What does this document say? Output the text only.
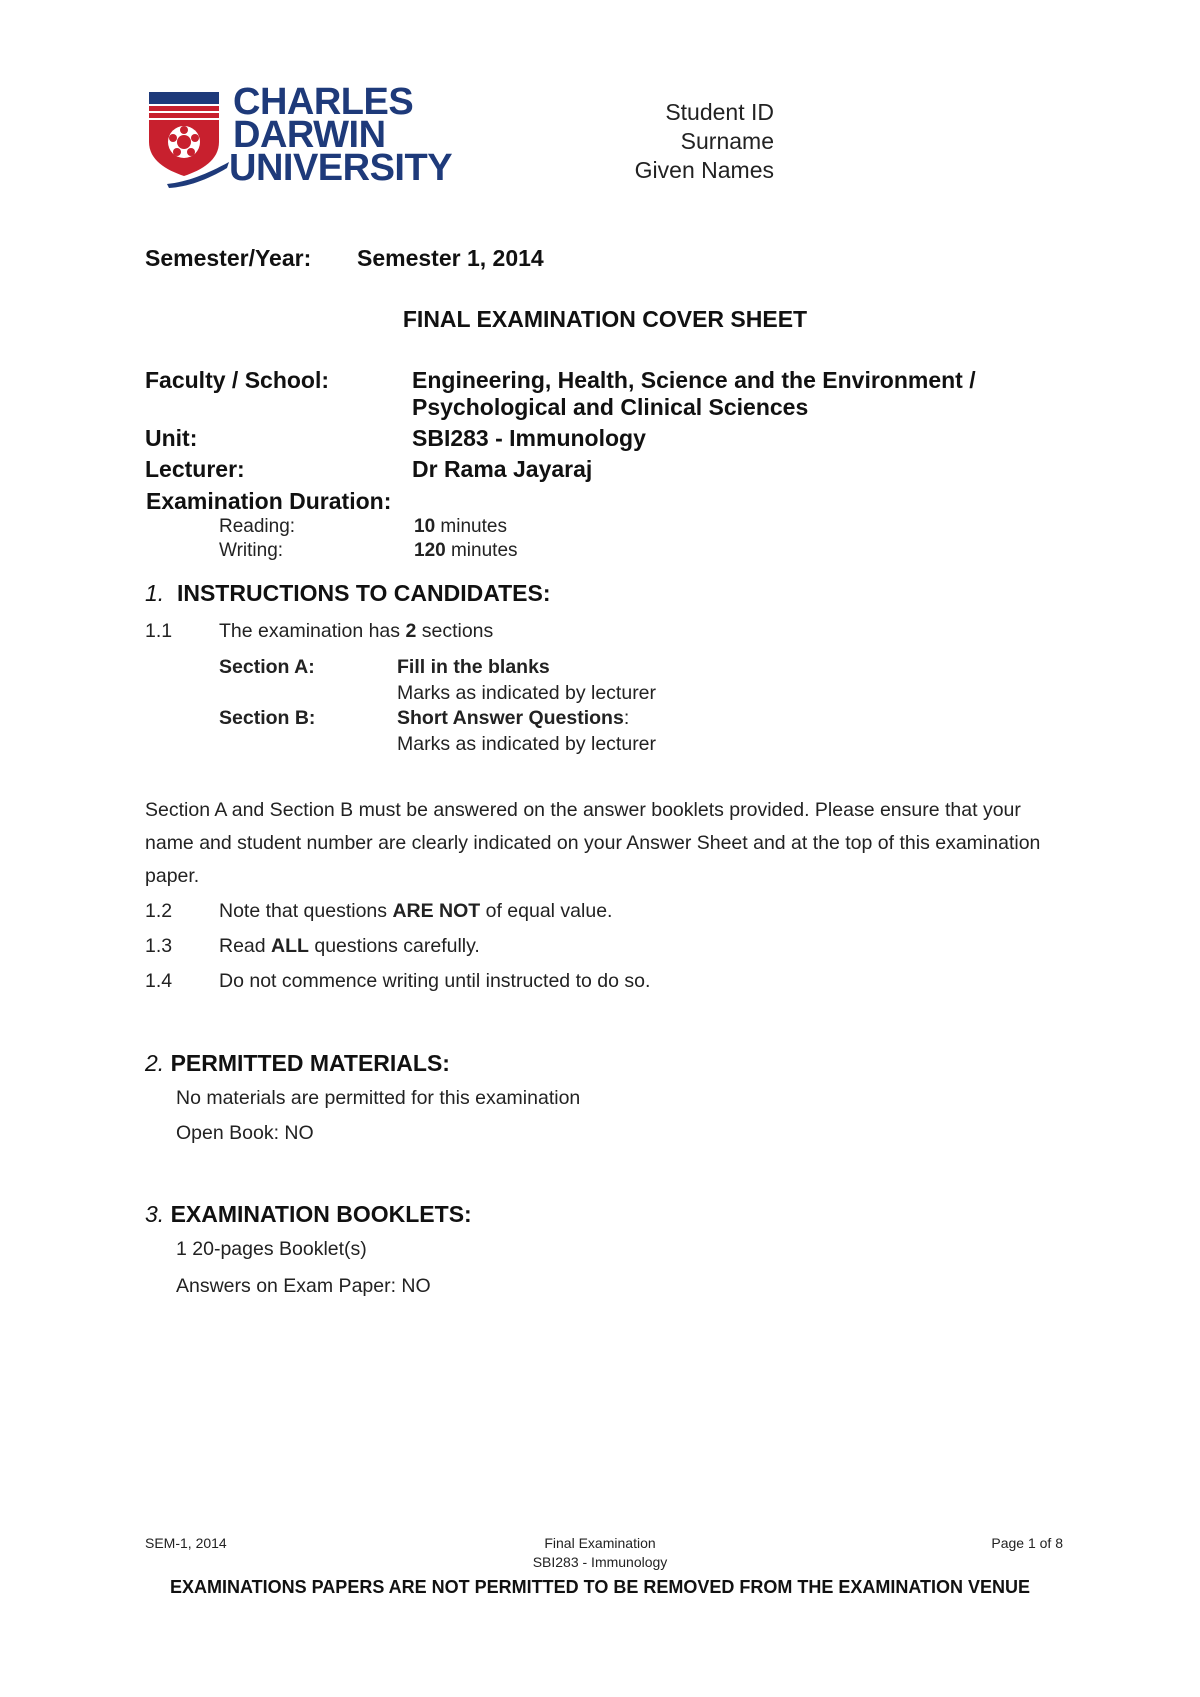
CHARLES
DARWIN
UNIVERSITY
Student ID
Surname
Given Names
Semester/Year: Semester 1, 2014
FINAL EXAMINATION COVER SHEET
Faculty / School:	Engineering, Health, Science and the Environment /
Psychological and Clinical Sciences
Unit:	SBI283 - Immunology
Lecturer:	Dr Rama Jayaraj
Examination Duration:
Reading:	10 minutes
Writing:	120 minutes
1. INSTRUCTIONS TO CANDIDATES:
1.1 The examination has 2 sections
Section A:	Fill in the blanks
Marks as indicated by lecturer
Section B:	Short Answer Questions:
Marks as indicated by lecturer
Section A and Section B must be answered on the answer booklets provided. Please ensure that your
name and student number are clearly indicated on your Answer Sheet and at the top of this examination
paper.
1.2 Note that questions ARE NOT of equal value.
1.3 Read ALL questions carefully.
1.4 Do not commence writing until instructed to do so.
2. PERMITTED MATERIALS:
No materials are permitted for this examination
Open Book: NO
3. EXAMINATION BOOKLETS:
1 20-pages Booklet(s)
Answers on Exam Paper: NO
SEM-1, 2014	Final Examination
SBI283 - Immunology
Page 1 of 8
EXAMINATIONS PAPERS ARE NOT PERMITTED TO BE REMOVED FROM THE EXAMINATION VENUE
